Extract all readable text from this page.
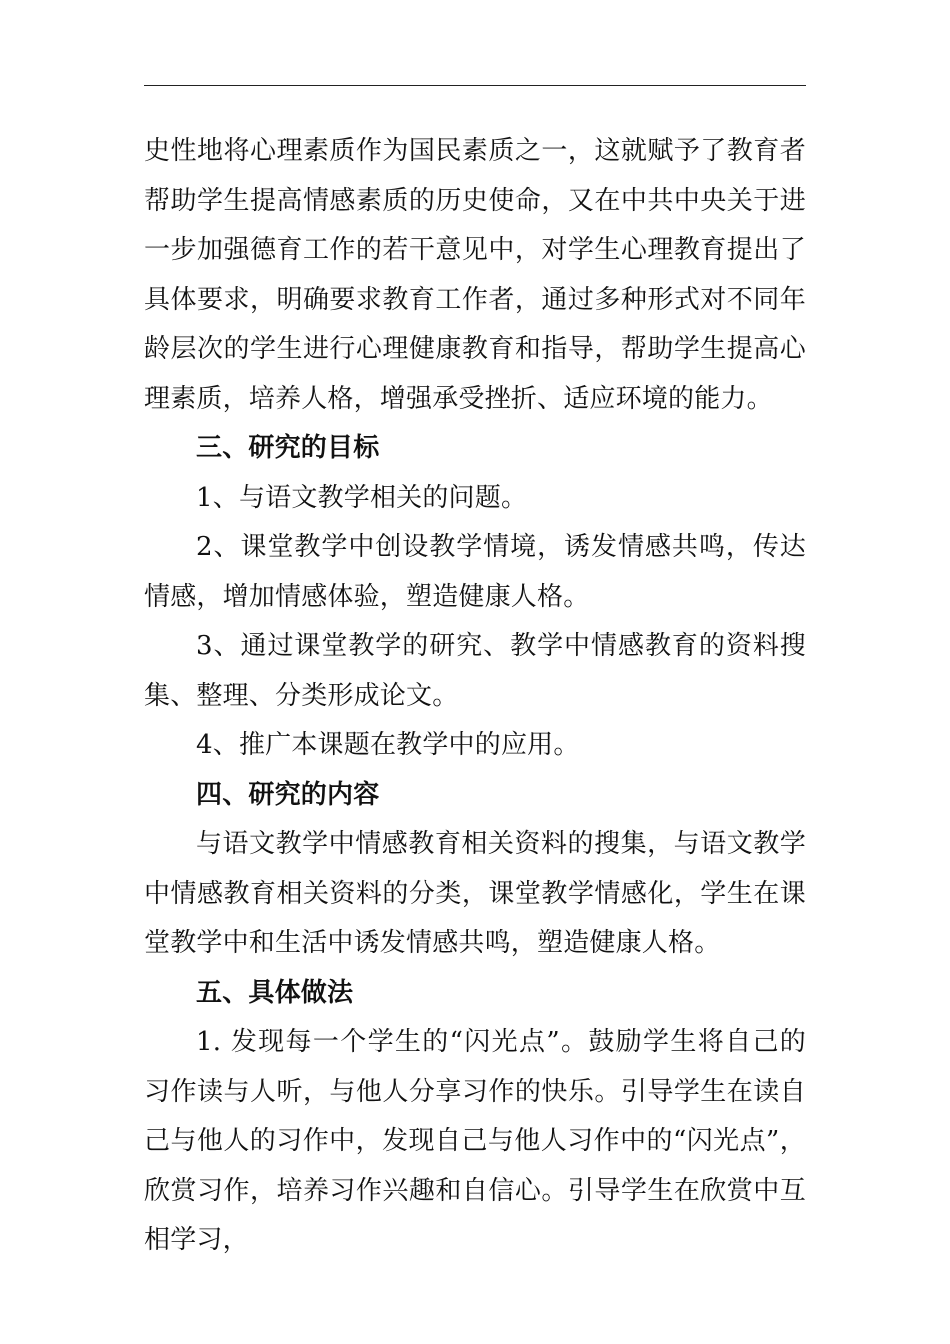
史性地将心理素质作为国民素质之一，这就赋予了教育者帮助学生提高情感素质的历史使命，又在中共中央关于进一步加强德育工作的若干意见中，对学生心理教育提出了具体要求，明确要求教育工作者，通过多种形式对不同年龄层次的学生进行心理健康教育和指导，帮助学生提高心理素质，培养人格，增强承受挫折、适应环境的能力。

三、研究的目标

1、与语文教学相关的问题。

2、课堂教学中创设教学情境，诱发情感共鸣，传达情感，增加情感体验，塑造健康人格。

3、通过课堂教学的研究、教学中情感教育的资料搜集、整理、分类形成论文。

4、推广本课题在教学中的应用。

四、研究的内容

与语文教学中情感教育相关资料的搜集，与语文教学中情感教育相关资料的分类，课堂教学情感化，学生在课堂教学中和生活中诱发情感共鸣，塑造健康人格。

五、具体做法

1. 发现每一个学生的“闪光点”。鼓励学生将自己的习作读与人听，与他人分享习作的快乐。引导学生在读自己与他人的习作中，发现自己与他人习作中的“闪光点”，欣赏习作，培养习作兴趣和自信心。引导学生在欣赏中互相学习，
